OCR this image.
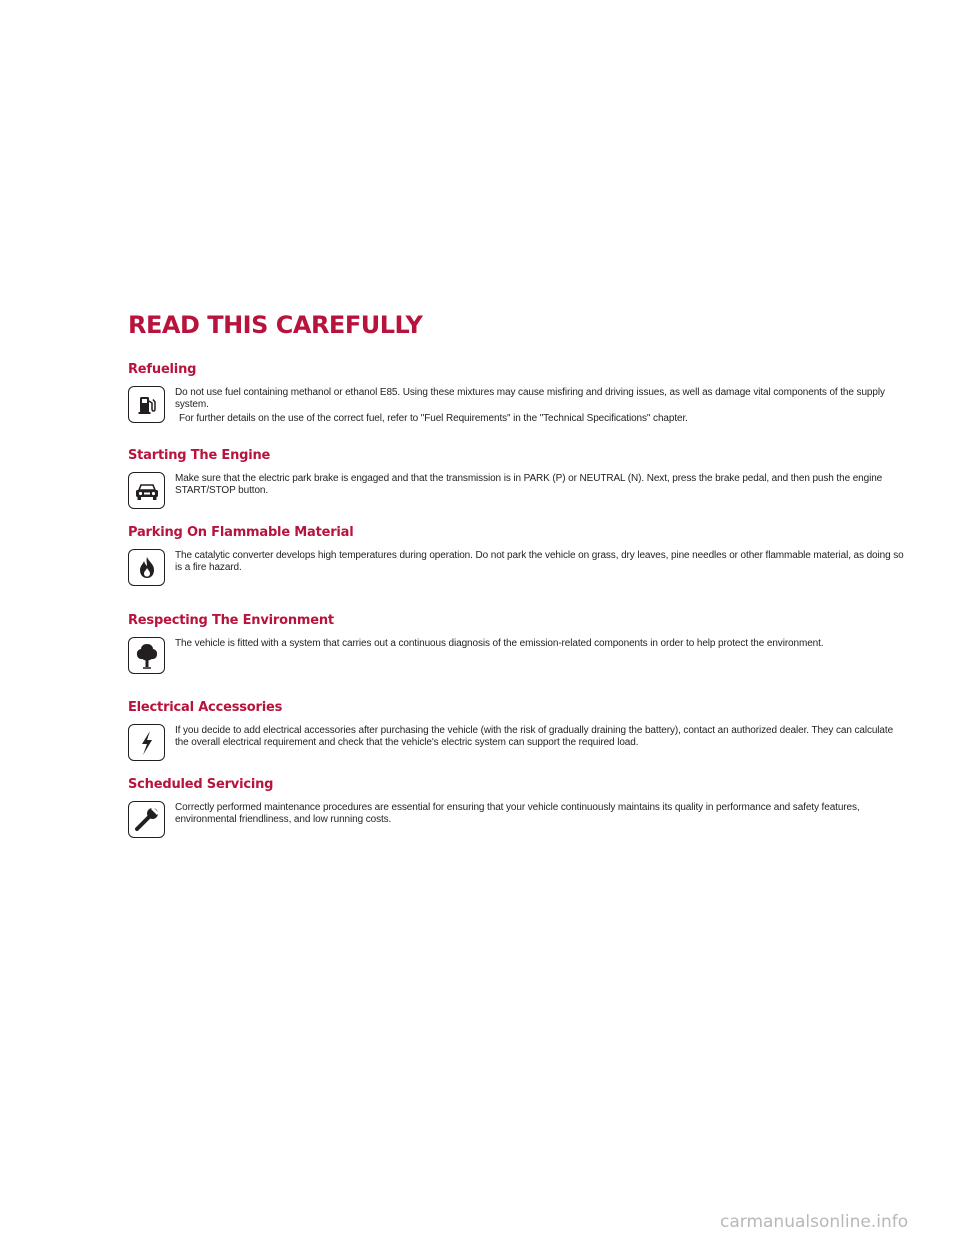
READ THIS CAREFULLY
Refueling

Do not use fuel containing methanol or ethanol E85. Using these mixtures may cause misfiring and driving issues, as well as damage vital components of the supply system.

For further details on the use of the correct fuel, refer to "Fuel Requirements" in the "Technical Specifications" chapter.

Starting The Engine

Make sure that the electric park brake is engaged and that the transmission is in PARK (P) or NEUTRAL (N). Next, press the brake pedal, and then push the engine START/STOP button.

Parking On Flammable Material

The catalytic converter develops high temperatures during operation. Do not park the vehicle on grass, dry leaves, pine needles or other flammable material, as doing so is a fire hazard.

Respecting The Environment

The vehicle is fitted with a system that carries out a continuous diagnosis of the emission-related components in order to help protect the environment.

Electrical Accessories

If you decide to add electrical accessories after purchasing the vehicle (with the risk of gradually draining the battery), contact an authorized dealer. They can calculate the overall electrical requirement and check that the vehicle's electric system can support the required load.

Scheduled Servicing

Correctly performed maintenance procedures are essential for ensuring that your vehicle continuously maintains its quality in performance and safety features, environmental friendliness, and low running costs.

carmanualsonline.info
